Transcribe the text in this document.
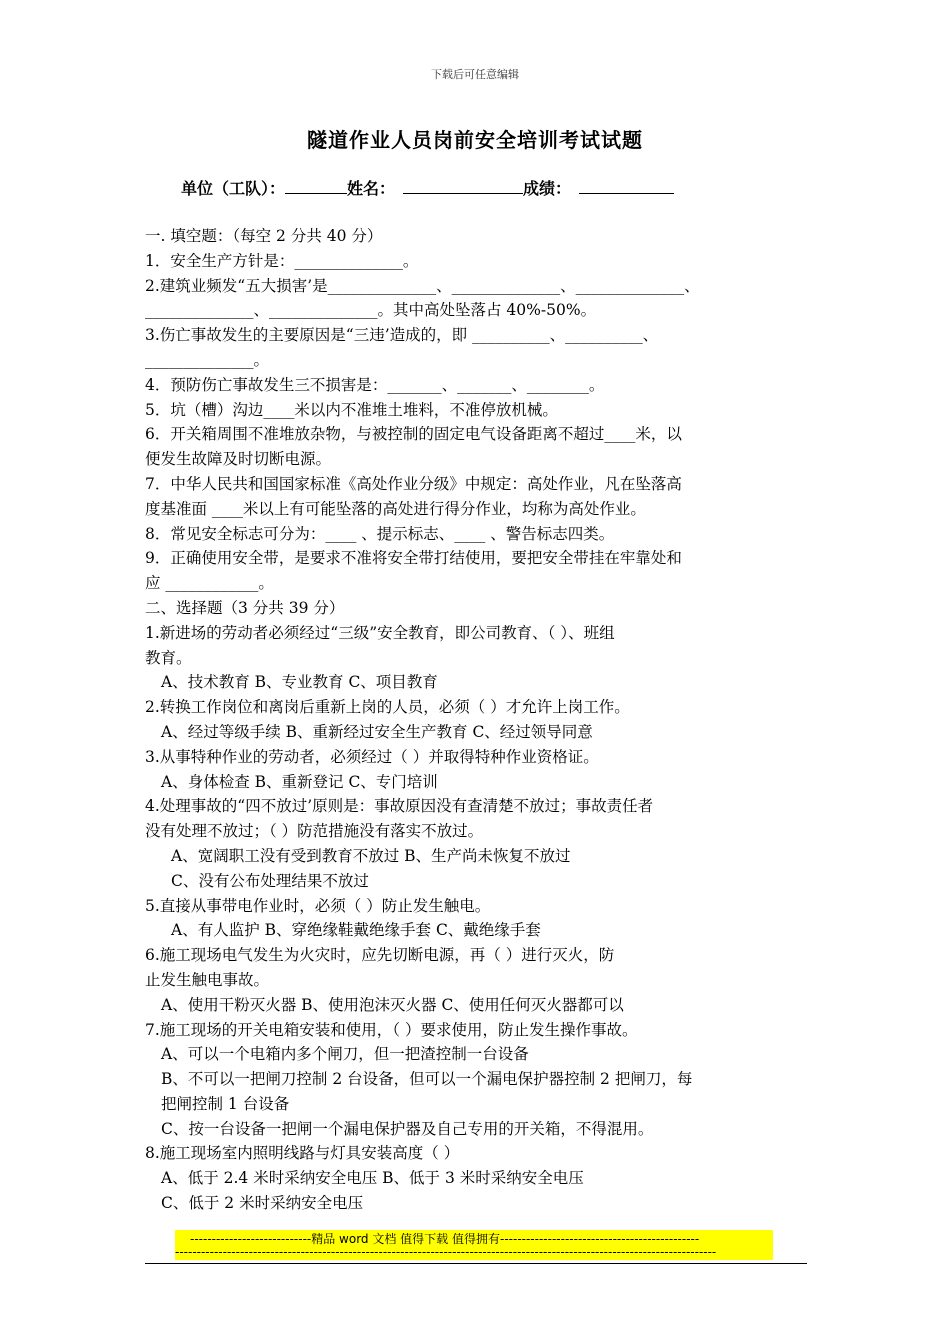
下载后可任意编辑
隧道作业人员岗前安全培训考试试题
单位（工队）：	姓名：	成绩：
一. 填空题：（每空 2 分共 40 分）
1．安全生产方针是：______________。
2.建筑业频发“五大损害’是______________、______________、______________、
______________、______________。其中高处坠落占 40%-50%。
3.伤亡事故发生的主要原因是“三违’造成的，即 __________、__________、
______________。
4．预防伤亡事故发生三不损害是：_______、_______、________。
5．坑（槽）沟边____米以内不准堆土堆料，不准停放机械。
6．开关箱周围不准堆放杂物，与被控制的固定电气设备距离不超过____米，以
便发生故障及时切断电源。
7．中华人民共和国国家标准《高处作业分级》中规定：高处作业，凡在坠落高
度基准面 ____米以上有可能坠落的高处进行得分作业，均称为高处作业。
8．常见安全标志可分为：____ 、提示标志、____ 、警告标志四类。
9．正确使用安全带，是要求不准将安全带打结使用，要把安全带挂在牢靠处和
应 ____________。
二、选择题（3 分共 39 分）
1.新进场的劳动者必须经过“三级”安全教育，即公司教育、（ ）、班组
教育。
A、技术教育 B、专业教育 C、项目教育
2.转换工作岗位和离岗后重新上岗的人员，必须（ ）才允许上岗工作。
A、经过等级手续 B、重新经过安全生产教育 C、经过领导同意
3.从事特种作业的劳动者，必须经过（ ）并取得特种作业资格证。
A、身体检查 B、重新登记 C、专门培训
4.处理事故的“四不放过’原则是：事故原因没有查清楚不放过；事故责任者
没有处理不放过；（ ）防范措施没有落实不放过。
A、宽阔职工没有受到教育不放过 B、生产尚未恢复不放过
C、没有公布处理结果不放过
5.直接从事带电作业时，必须（ ）防止发生触电。
A、有人监护 B、穿绝缘鞋戴绝缘手套 C、戴绝缘手套
6.施工现场电气发生为火灾时，应先切断电源，再（ ）进行灭火，防
止发生触电事故。
A、使用干粉灭火器 B、使用泡沫灭火器 C、使用任何灭火器都可以
7.施工现场的开关电箱安装和使用，（ ）要求使用，防止发生操作事故。
A、可以一个电箱内多个闸刀，但一把渣控制一台设备
B、不可以一把闸刀控制 2 台设备，但可以一个漏电保护器控制 2 把闸刀，每
把闸控制 1 台设备
C、按一台设备一把闸一个漏电保护器及自己专用的开关箱，不得混用。
8.施工现场室内照明线路与灯具安装高度（ ）
A、低于 2.4 米时采纳安全电压 B、低于 3 米时采纳安全电压
C、低于 2 米时采纳安全电压
----------------------------精品 word 文档 值得下载 值得拥有----------------------------------------------
-----------------------------------------------------------------------------------------------------------------------------
